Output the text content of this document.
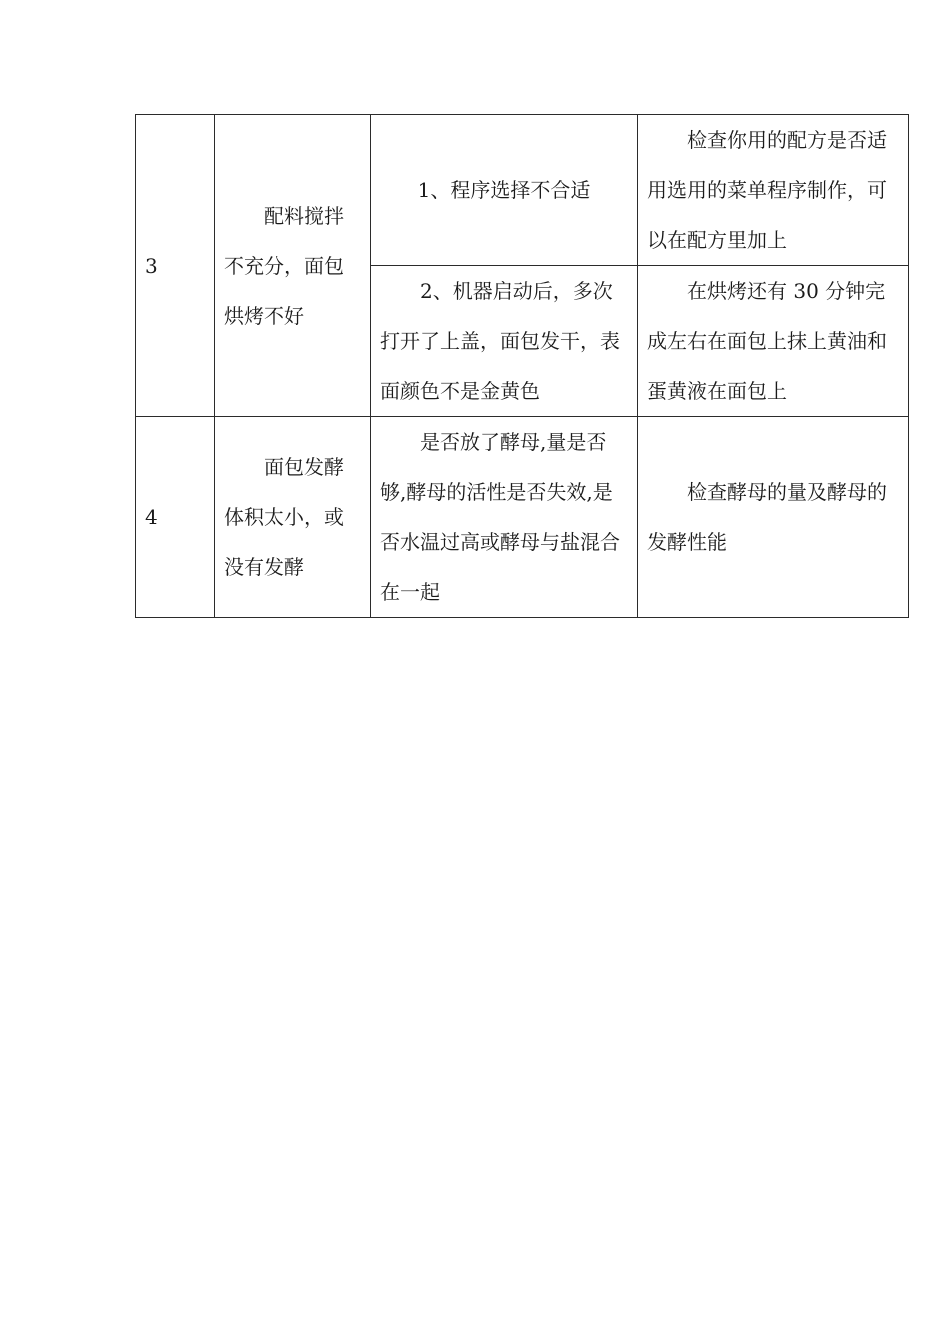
3	配料搅拌不充分，面包烘烤不好	1、程序选择不合适	检查你用的配方是否适用选用的菜单程序制作，可以在配方里加上
		2、机器启动后，多次打开了上盖，面包发干，表面颜色不是金黄色	在烘烤还有 30 分钟完成左右在面包上抹上黄油和蛋黄液在面包上
4	面包发酵体积太小，或没有发酵	是否放了酵母,量是否够,酵母的活性是否失效,是否水温过高或酵母与盐混合在一起	检查酵母的量及酵母的发酵性能
